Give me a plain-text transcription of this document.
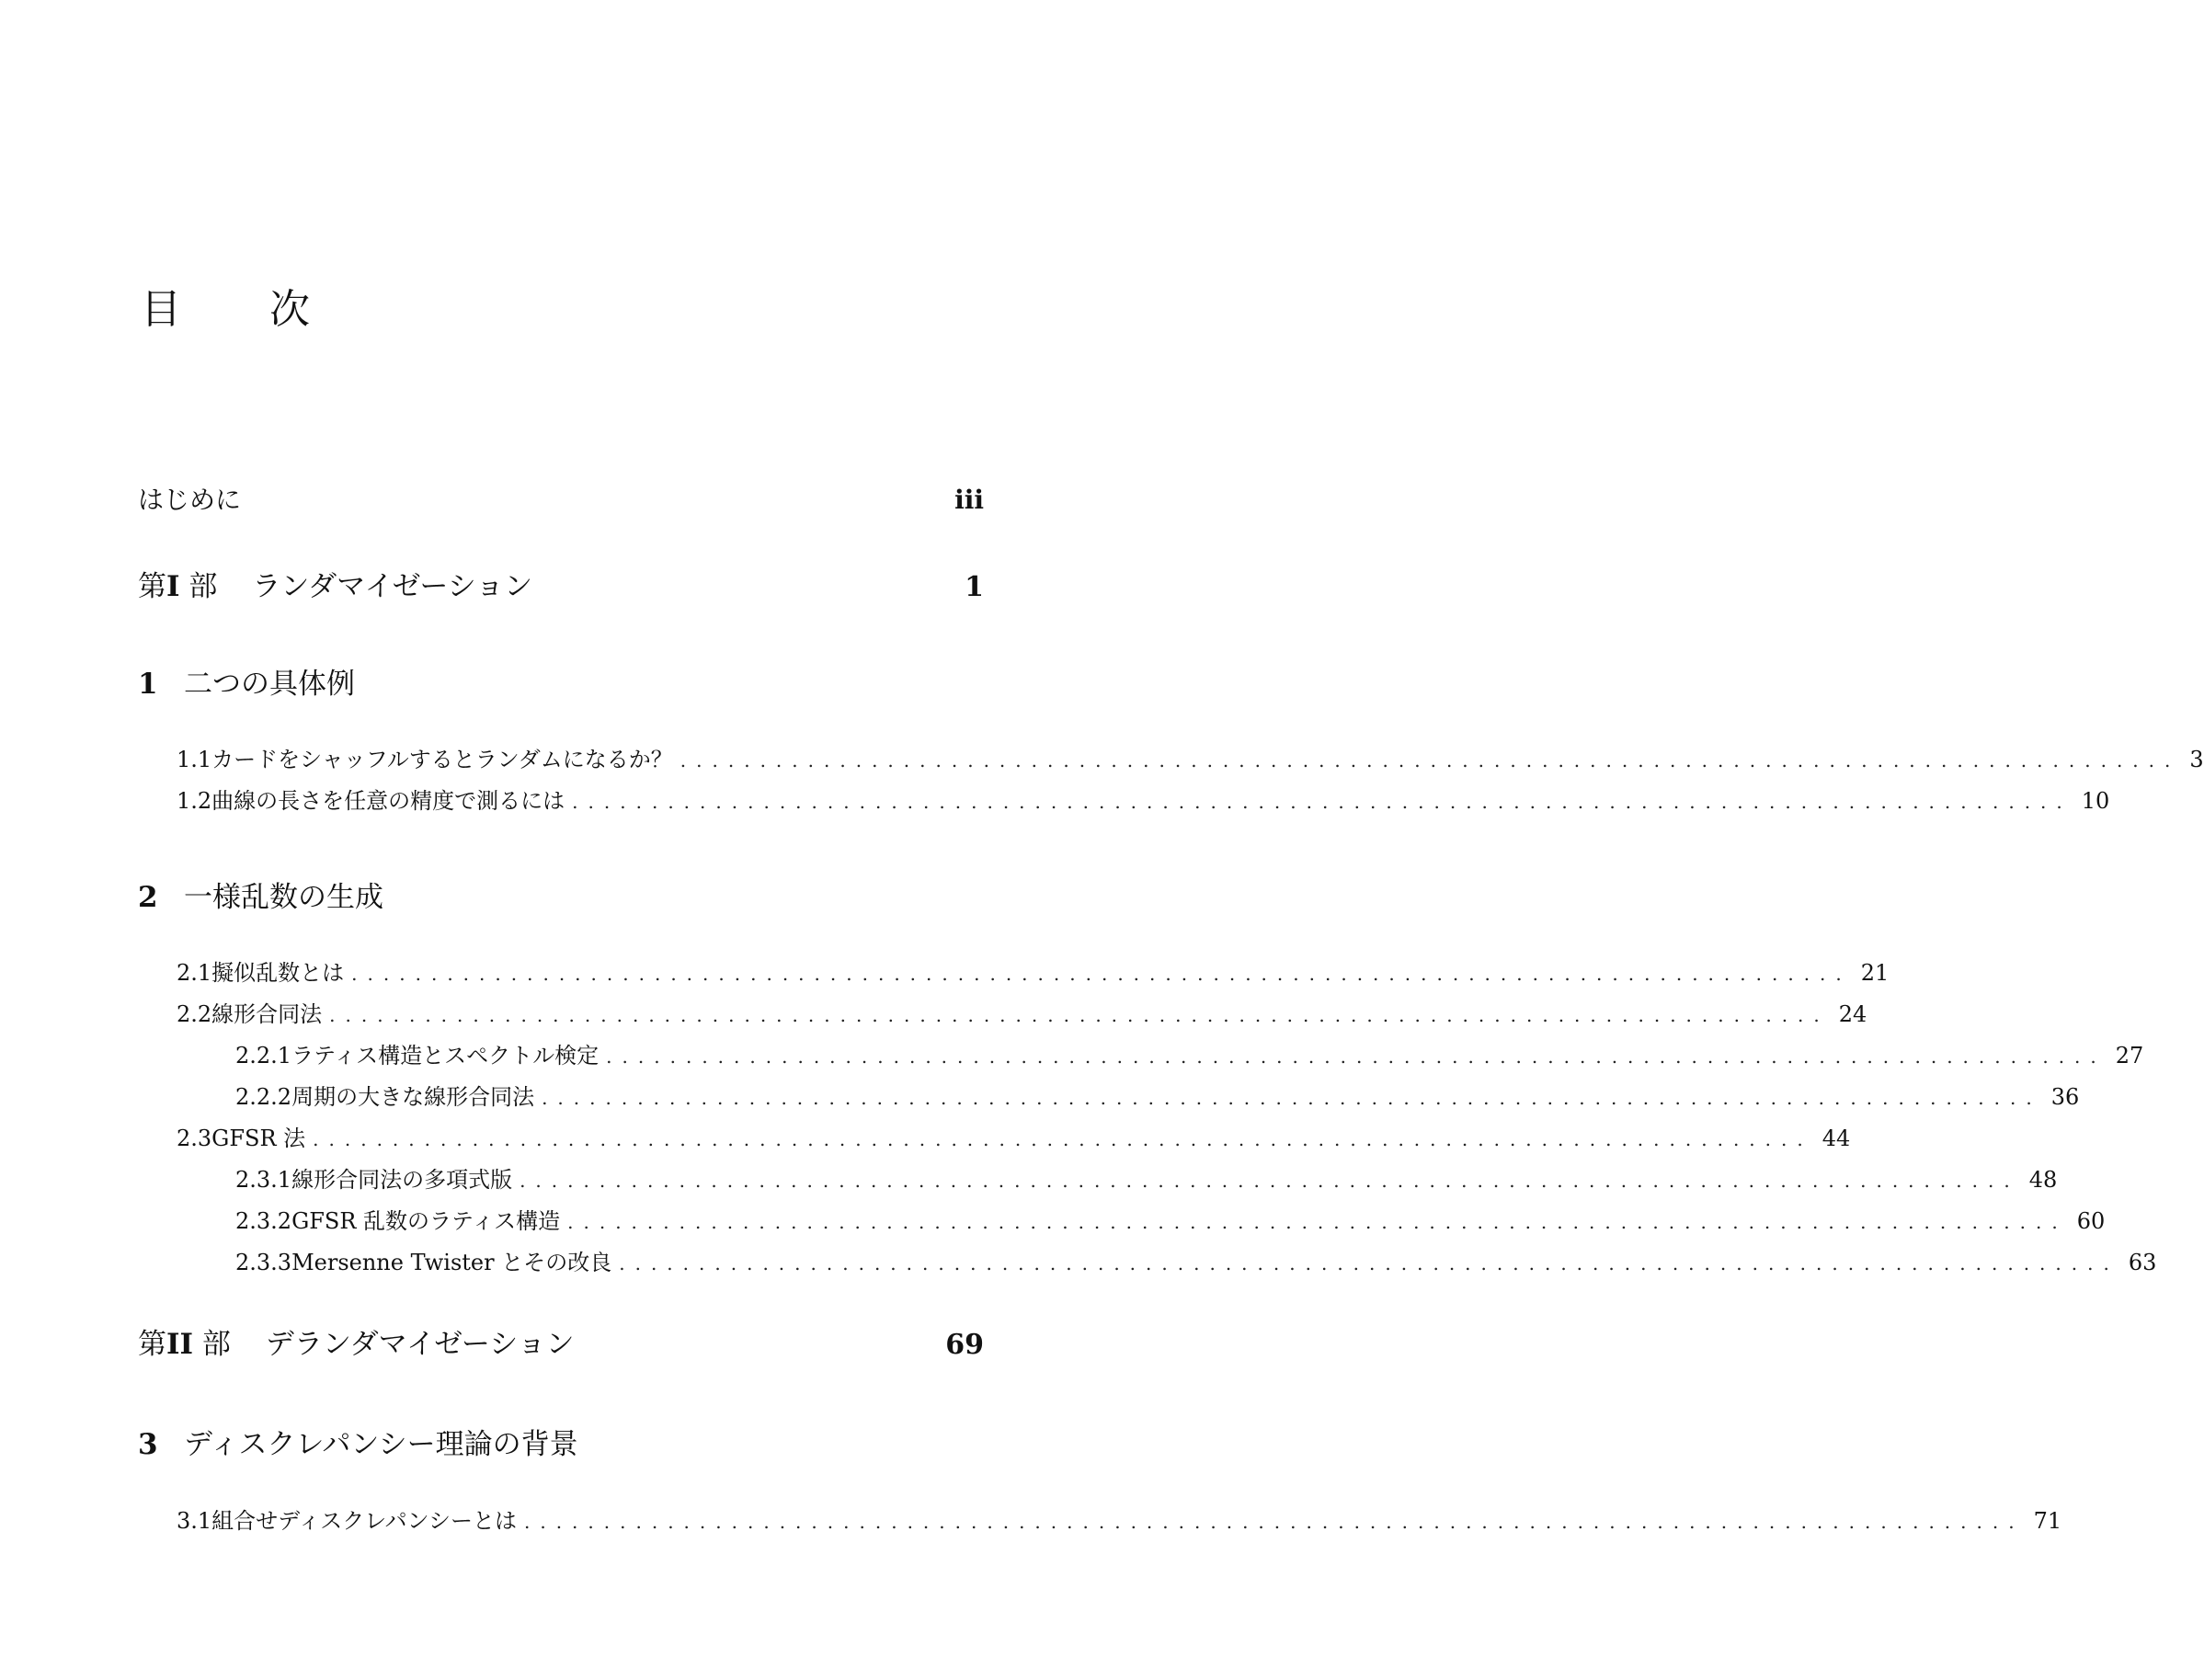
目　次
はじめに	iii
第I 部 ランダマイゼーション	1
1 二つの具体例
1.1 カードをシャッフルするとランダムになるか？ .............................................................................................. 3
1.2 曲線の長さを任意の精度で測るには .............................................................................................. 10
2 一様乱数の生成
2.1 擬似乱数とは .............................................................................................. 21
2.2 線形合同法 .............................................................................................. 24
2.2.1 ラティス構造とスペクトル検定 .............................................................................................. 27
2.2.2 周期の大きな線形合同法 .............................................................................................. 36
2.3 GFSR 法 .............................................................................................. 44
2.3.1 線形合同法の多項式版 .............................................................................................. 48
2.3.2 GFSR 乱数のラティス構造 .............................................................................................. 60
2.3.3 Mersenne Twister とその改良 .............................................................................................. 63
第II 部 デランダマイゼーション	69
3 ディスクレパンシー理論の背景
3.1 組合せディスクレパンシーとは .............................................................................................. 71
